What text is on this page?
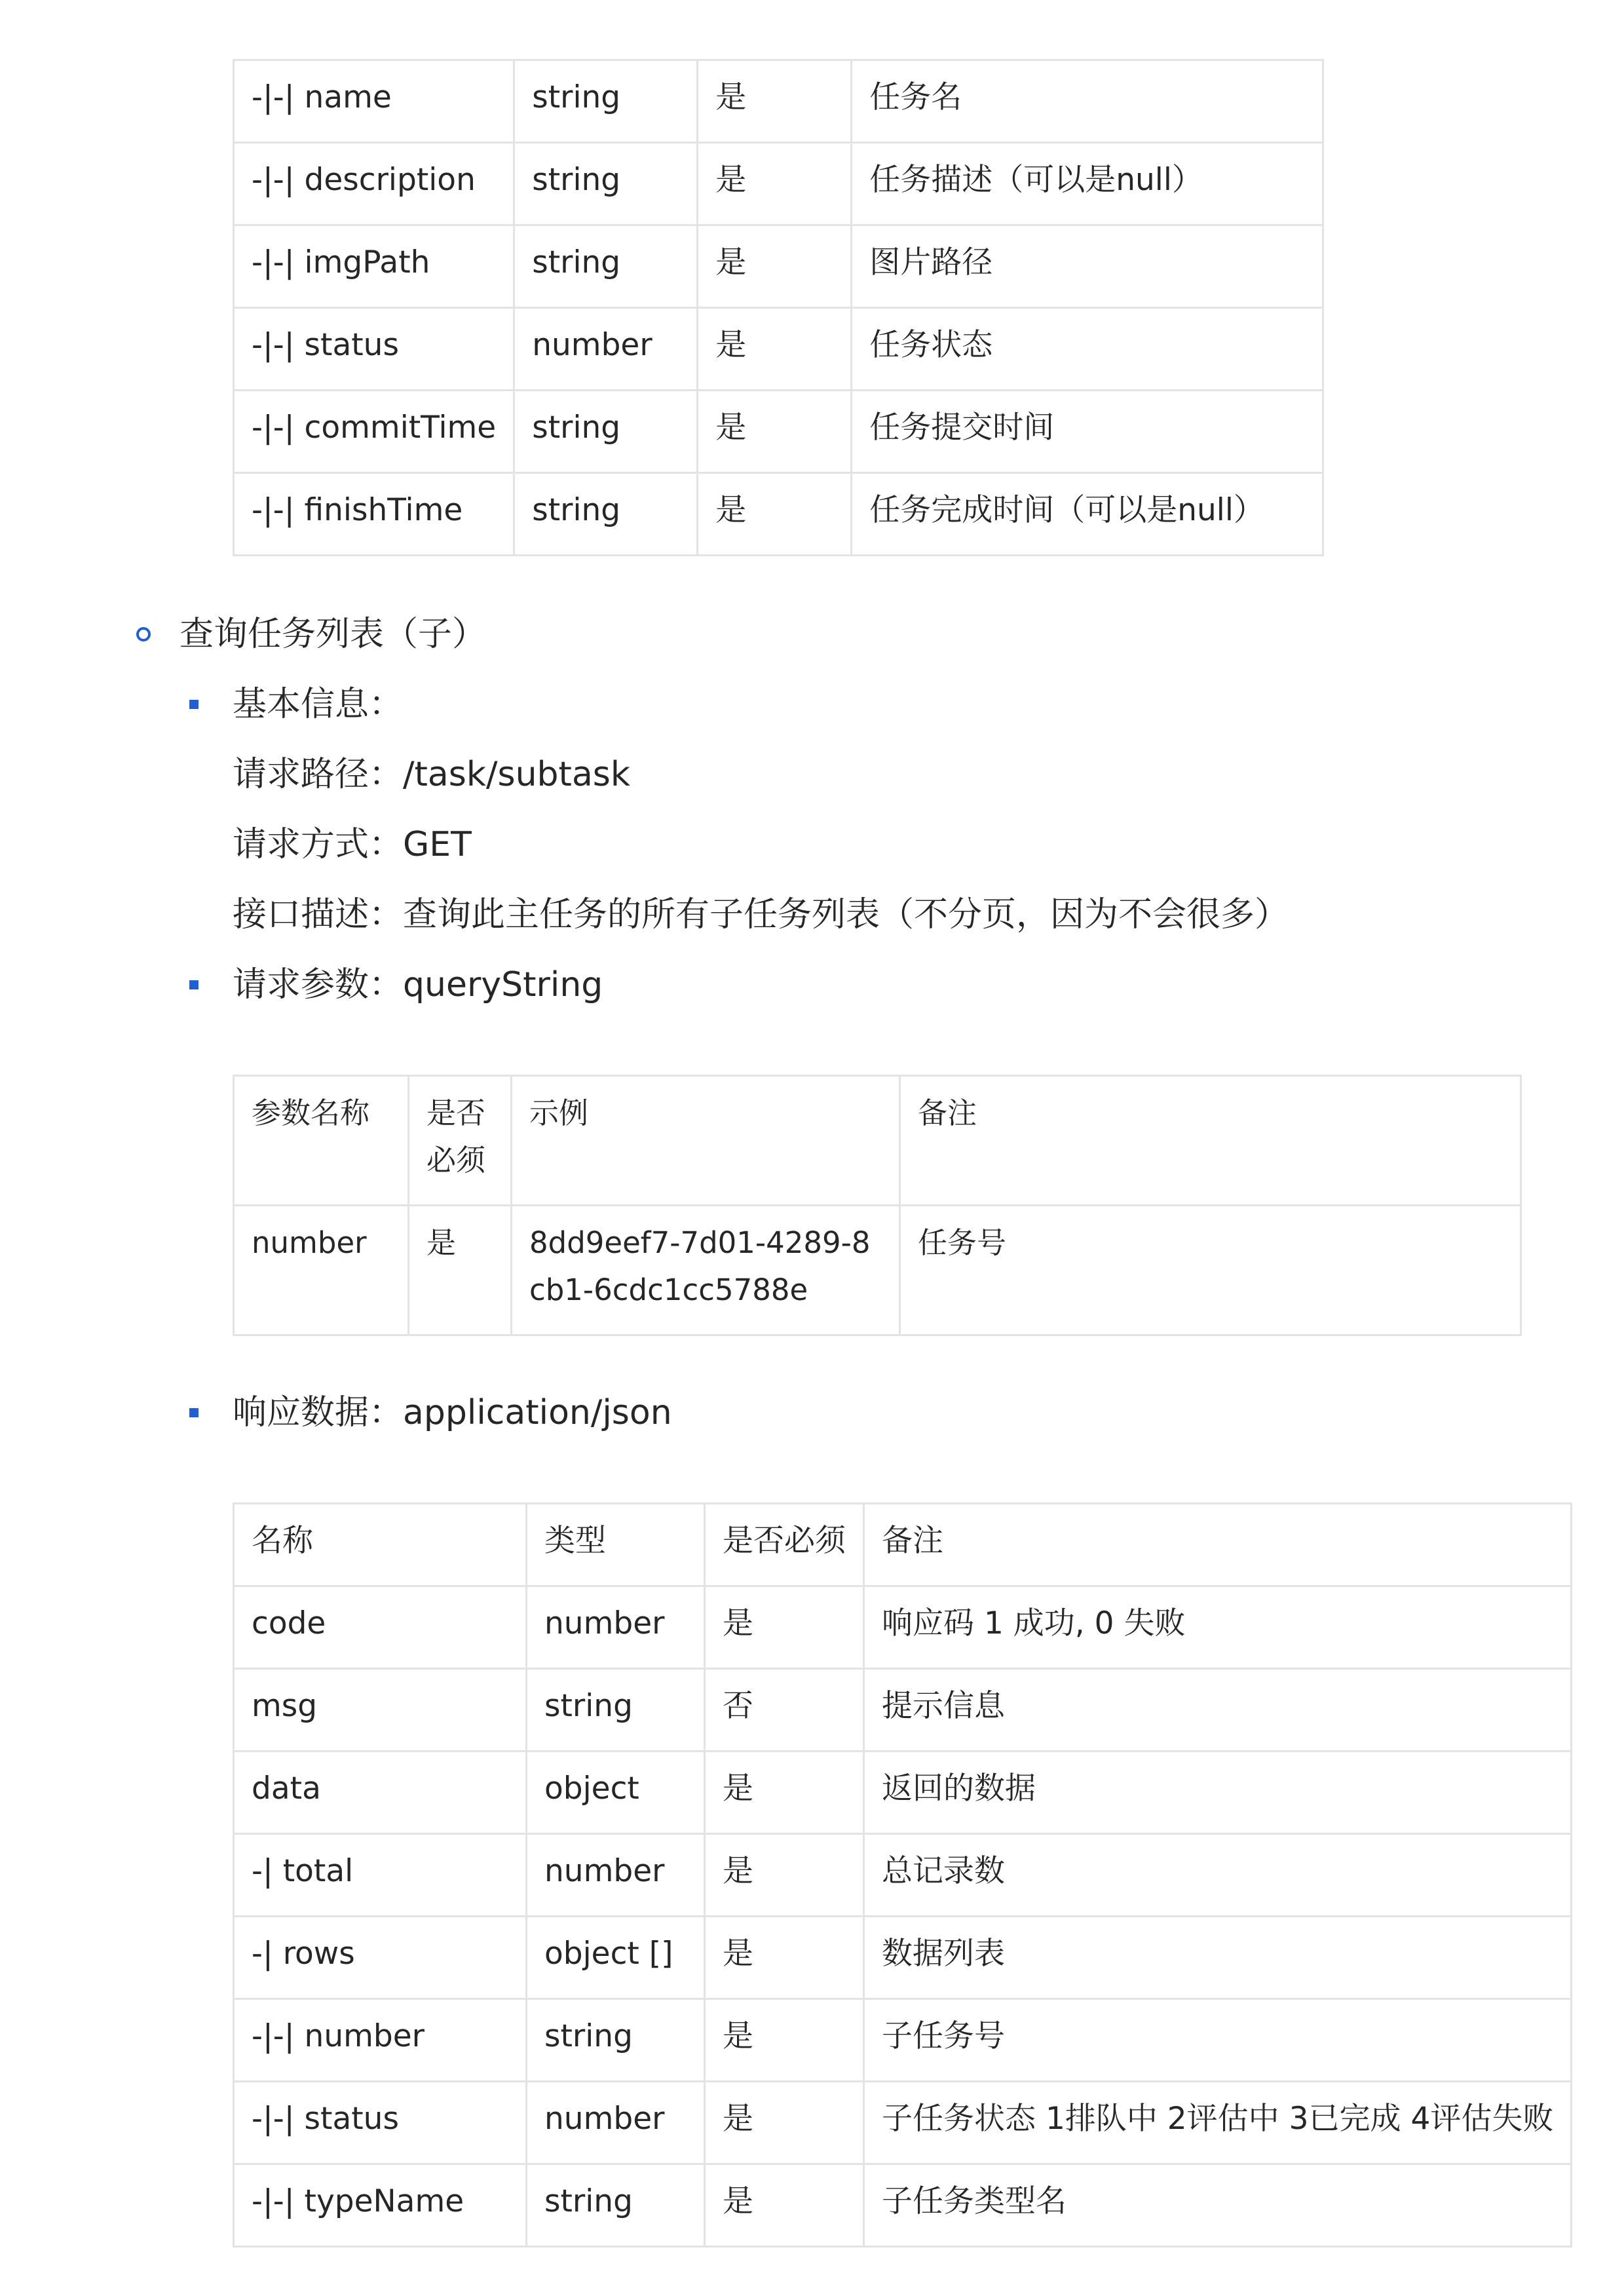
-|-| name	string	是	任务名
-|-| description	string	是	任务描述（可以是null）
-|-| imgPath	string	是	图片路径
-|-| status	number	是	任务状态
-|-| commitTime	string	是	任务提交时间
-|-| finishTime	string	是	任务完成时间（可以是null）
查询任务列表（子）
基本信息：
请求路径：/task/subtask
请求方式：GET
接口描述：查询此主任务的所有子任务列表（不分页，因为不会很多）
请求参数：queryString
参数名称	是否必须	示例	备注
number	是	8dd9eef7-7d01-4289-8cb1-6cdc1cc5788e	任务号
响应数据：application/json
名称	类型	是否必须	备注
code	number	是	响应码 1 成功, 0 失败
msg	string	否	提示信息
data	object	是	返回的数据
-| total	number	是	总记录数
-| rows	object []	是	数据列表
-|-| number	string	是	子任务号
-|-| status	number	是	子任务状态 1排队中 2评估中 3已完成 4评估失败
-|-| typeName	string	是	子任务类型名
